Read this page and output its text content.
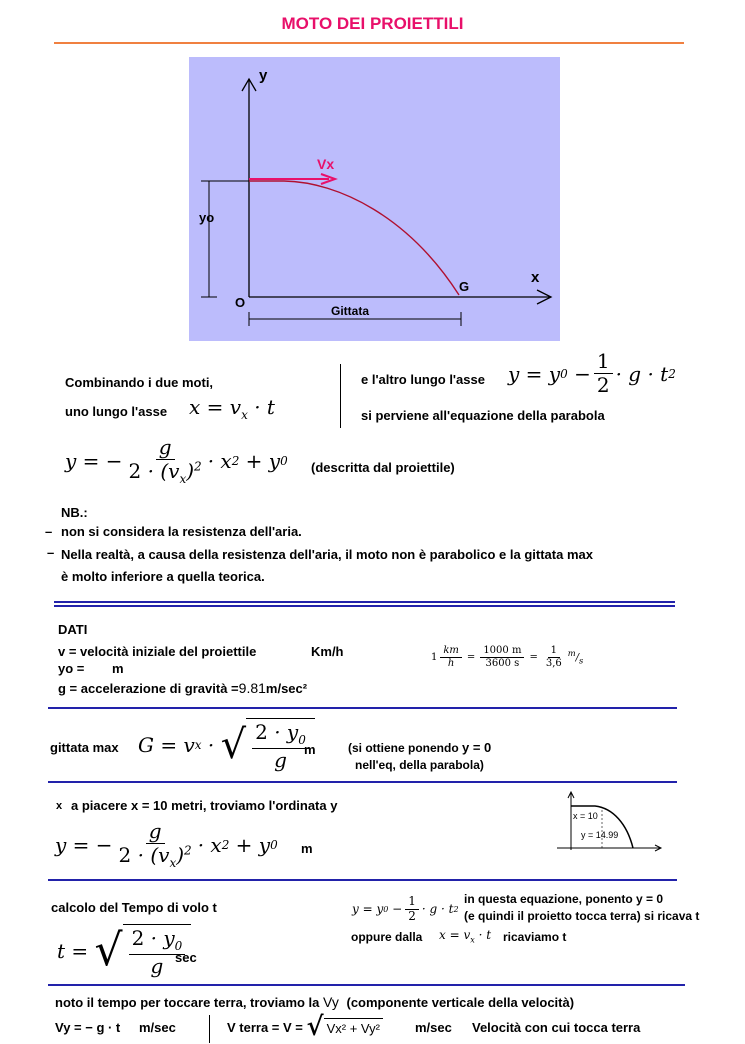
MOTO DEI PROIETTILI
y
x
Vx
yo
O
G
Gittata
Combinando i due moti,
uno lungo l'asse $x = v_x \cdot t$
e l'altro lungo l'asse y = y $0 - \frac{1}{2} \cdot g \cdot t$ 2
si perviene all'equazione della parabola
y = − $\frac{g}{2 \cdot (v_x)^2} \cdot x$ 2 + y 0 (descritta dal proiettile)
NB.:
– non si considera la resistenza dell'aria.
– Nella realtà, a causa della resistenza dell'aria, il moto non è parabolico e la gittata max
è molto inferiore a quella teorica.
DATI
v = velocità iniziale del proiettile	Km/h
yo = m
g = accelerazione di gravità =9.81m/sec²
$1 \frac{km}{h} = \frac{1000 m}{3600 s} = \frac{1}{3,6} ^m/_s$
gittata max G = v x · √ $\frac{2 \cdot y_0}{g}$
m	(si ottiene ponendo y = 0
nell'eq, della parabola)
x a piacere x = 10 metri, troviamo l'ordinata y
y = − $\frac{g}{2 \cdot (v_x)^2} \cdot x$ 2 + y 0 m
x = 10
y = 14.99
calcolo del Tempo di volo t
t = √ $\frac{2 \cdot y_0}{g}$
sec
y = y $0 - \frac{1}{2} \cdot g \cdot t$ 2
in questa equazione, ponento y = 0
(e quindi il proietto tocca terra) si ricava t
oppure dalla $x = v_x \cdot t$ ricaviamo t
noto il tempo per toccare terra, troviamo la Vy (componente verticale della velocità)
Vy = − g · t m/sec	V terra = V =
√ Vx² + Vy²	m/sec Velocità con cui tocca terra
